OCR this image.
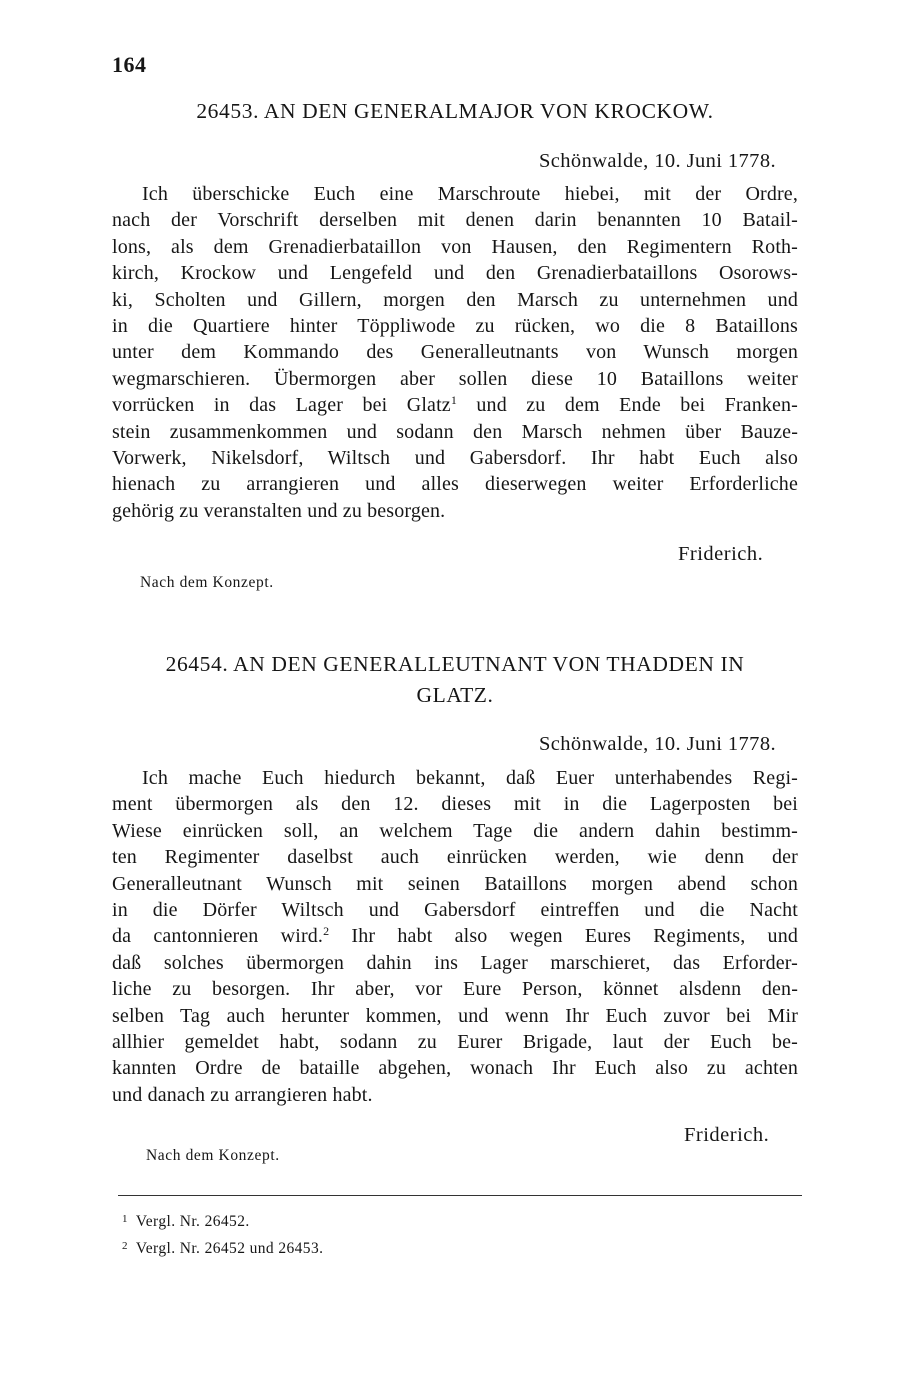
164
26453. AN DEN GENERALMAJOR VON KROCKOW.
Schönwalde, 10. Juni 1778.
Ich überschicke Euch eine Marschroute hiebei, mit der Ordre,
nach der Vorschrift derselben mit denen darin benannten 10 Batail-
lons, als dem Grenadierbataillon von Hausen, den Regimentern Roth-
kirch, Krockow und Lengefeld und den Grenadierbataillons Osorows-
ki, Scholten und Gillern, morgen den Marsch zu unternehmen und
in die Quartiere hinter Töppliwode zu rücken, wo die 8 Bataillons
unter dem Kommando des Generalleutnants von Wunsch morgen
wegmarschieren. Übermorgen aber sollen diese 10 Bataillons weiter
vorrücken in das Lager bei Glatz$^1$ und zu dem Ende bei Franken-
stein zusammenkommen und sodann den Marsch nehmen über Bauze-
Vorwerk, Nikelsdorf, Wiltsch und Gabersdorf. Ihr habt Euch also
hienach zu arrangieren und alles dieserwegen weiter Erforderliche
gehörig zu veranstalten und zu besorgen.
Friderich.
Nach dem Konzept.
26454. AN DEN GENERALLEUTNANT VON THADDEN IN
GLATZ.
Schönwalde, 10. Juni 1778.
Ich mache Euch hiedurch bekannt, daß Euer unterhabendes Regi-
ment übermorgen als den 12. dieses mit in die Lagerposten bei
Wiese einrücken soll, an welchem Tage die andern dahin bestimm-
ten Regimenter daselbst auch einrücken werden, wie denn der
Generalleutnant Wunsch mit seinen Bataillons morgen abend schon
in die Dörfer Wiltsch und Gabersdorf eintreffen und die Nacht
da cantonnieren wird.$^2$ Ihr habt also wegen Eures Regiments, und
daß solches übermorgen dahin ins Lager marschieret, das Erforder-
liche zu besorgen. Ihr aber, vor Eure Person, könnet alsdenn den-
selben Tag auch herunter kommen, und wenn Ihr Euch zuvor bei Mir
allhier gemeldet habt, sodann zu Eurer Brigade, laut der Euch be-
kannten Ordre de bataille abgehen, wonach Ihr Euch also zu achten
und danach zu arrangieren habt.
Friderich.
Nach dem Konzept.
$^1$ Vergl. Nr. 26452.
$^2$ Vergl. Nr. 26452 und 26453.
